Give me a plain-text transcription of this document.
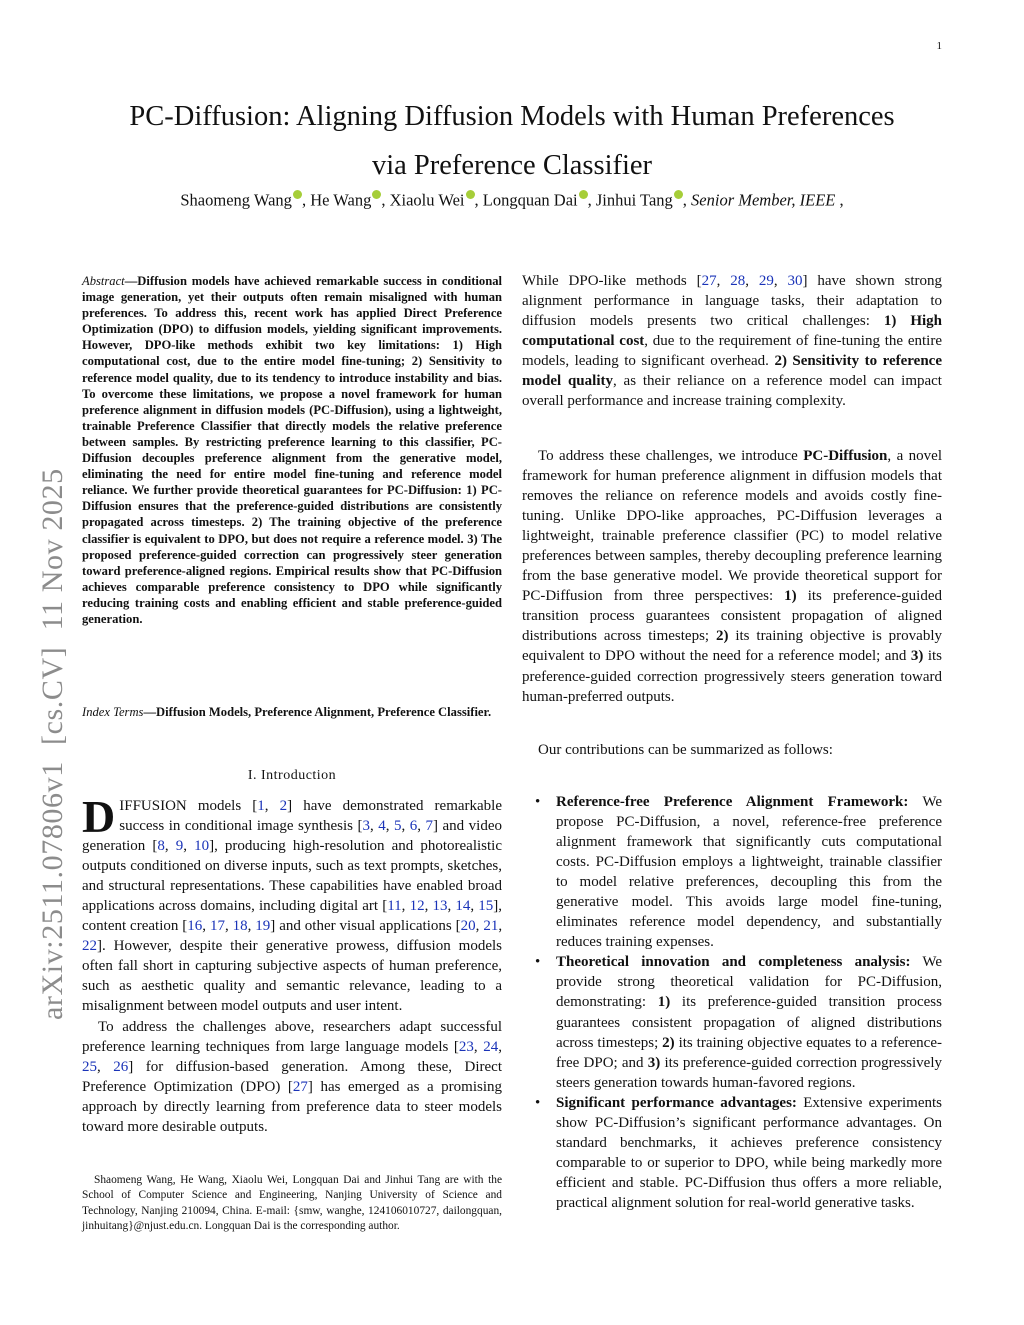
1
PC-Diffusion: Aligning Diffusion Models with Human Preferences
via Preference Classifier
Shaomeng Wang , He Wang , Xiaolu Wei , Longquan Dai , Jinhui Tang , Senior Member, IEEE ,
arXiv:2511.07806v1  [cs.CV]  11 Nov 2025
Abstract—Diffusion models have achieved remarkable success in conditional image generation, yet their outputs often remain misaligned with human preferences. To address this, recent work has applied Direct Preference Optimization (DPO) to diffusion models, yielding significant improvements. However, DPO-like methods exhibit two key limitations: 1) High computational cost, due to the entire model fine-tuning; 2) Sensitivity to reference model quality, due to its tendency to introduce instability and bias. To overcome these limitations, we propose a novel framework for human preference alignment in diffusion models (PC-Diffusion), using a lightweight, trainable Preference Classifier that directly models the relative preference between samples. By restricting preference learning to this classifier, PC-Diffusion decouples preference alignment from the generative model, eliminating the need for entire model fine-tuning and reference model reliance. We further provide theoretical guarantees for PC-Diffusion: 1) PC-Diffusion ensures that the preference-guided distributions are consistently propagated across timesteps. 2) The training objective of the preference classifier is equivalent to DPO, but does not require a reference model. 3) The proposed preference-guided correction can progressively steer generation toward preference-aligned regions. Empirical results show that PC-Diffusion achieves comparable preference consistency to DPO while significantly reducing training costs and enabling efficient and stable preference-guided generation.
Index Terms—Diffusion Models, Preference Alignment, Preference Classifier.
I. Introduction

DIFFUSION models [1, 2] have demonstrated remarkable success in conditional image synthesis [3, 4, 5, 6, 7] and video generation [8, 9, 10], producing high-resolution and photorealistic outputs conditioned on diverse inputs, such as text prompts, sketches, and structural representations. These capabilities have enabled broad applications across domains, including digital art [11, 12, 13, 14, 15], content creation [16, 17, 18, 19] and other visual applications [20, 21, 22]. However, despite their generative prowess, diffusion models often fall short in capturing subjective aspects of human preference, such as aesthetic quality and semantic relevance, leading to a misalignment between model outputs and user intent.

To address the challenges above, researchers adapt successful preference learning techniques from large language models [23, 24, 25, 26] for diffusion-based generation. Among these, Direct Preference Optimization (DPO) [27] has emerged as a promising approach by directly learning from preference data to steer models toward more desirable outputs.

Shaomeng Wang, He Wang, Xiaolu Wei, Longquan Dai and Jinhui Tang are with the School of Computer Science and Engineering, Nanjing University of Science and Technology, Nanjing 210094, China. E-mail: {smw, wanghe, 124106010727, dailongquan, jinhuitang}@njust.edu.cn. Longquan Dai is the corresponding author.
While DPO-like methods [27, 28, 29, 30] have shown strong alignment performance in language tasks, their adaptation to diffusion models presents two critical challenges: 1) High computational cost, due to the requirement of fine-tuning the entire models, leading to significant overhead. 2) Sensitivity to reference model quality, as their reliance on a reference model can impact overall performance and increase training complexity.
To address these challenges, we introduce PC-Diffusion, a novel framework for human preference alignment in diffusion models that removes the reliance on reference models and avoids costly fine-tuning. Unlike DPO-like approaches, PC-Diffusion leverages a lightweight, trainable preference classifier (PC) to model relative preferences between samples, thereby decoupling preference learning from the base generative model. We provide theoretical support for PC-Diffusion from three perspectives: 1) its preference-guided transition process guarantees consistent propagation of aligned distributions across timesteps; 2) its training objective is provably equivalent to DPO without the need for a reference model; and 3) its preference-guided correction progressively steers generation toward human-preferred outputs.
Our contributions can be summarized as follows:

• Reference-free Preference Alignment Framework: We propose PC-Diffusion, a novel, reference-free preference alignment framework that significantly cuts computational costs. PC-Diffusion employs a lightweight, trainable classifier to model relative preferences, decoupling this from the generative model. This avoids large model fine-tuning, eliminates reference model dependency, and substantially reduces training expenses.

• Theoretical innovation and completeness analysis: We provide strong theoretical validation for PC-Diffusion, demonstrating: 1) its preference-guided transition process guarantees consistent propagation of aligned distributions across timesteps; 2) its training objective equates to a reference-free DPO; and 3) its preference-guided correction progressively steers generation towards human-favored regions.

• Significant performance advantages: Extensive experiments show PC-Diffusion’s significant performance advantages. On standard benchmarks, it achieves preference consistency comparable to or superior to DPO, while being markedly more efficient and stable. PC-Diffusion thus offers a more reliable, practical alignment solution for real-world generative tasks.
